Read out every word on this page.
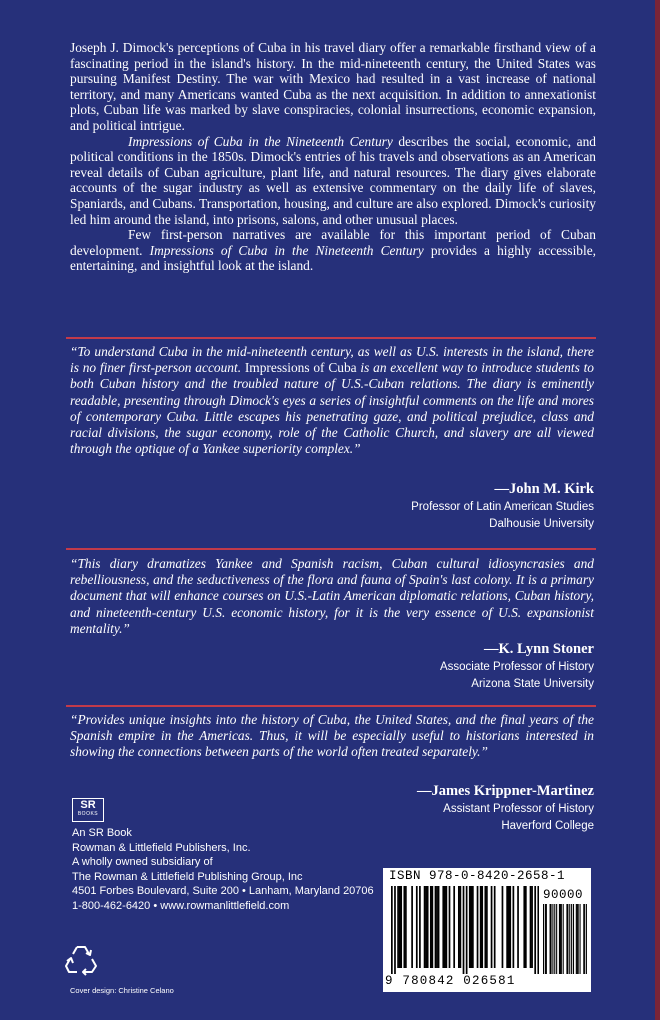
Joseph J. Dimock's perceptions of Cuba in his travel diary offer a remarkable firsthand view of a fascinating period in the island's history. In the mid-nineteenth century, the United States was pursuing Manifest Destiny. The war with Mexico had resulted in a vast increase of national territory, and many Americans wanted Cuba as the next acquisition. In addition to annexationist plots, Cuban life was marked by slave conspiracies, colonial insurrections, economic expansion, and political intrigue.

Impressions of Cuba in the Nineteenth Century describes the social, economic, and political conditions in the 1850s. Dimock's entries of his travels and observations as an American reveal details of Cuban agriculture, plant life, and natural resources. The diary gives elaborate accounts of the sugar industry as well as extensive commentary on the daily life of slaves, Spaniards, and Cubans. Transportation, housing, and culture are also explored. Dimock's curiosity led him around the island, into prisons, salons, and other unusual places.

Few first-person narratives are available for this important period of Cuban development. Impressions of Cuba in the Nineteenth Century provides a highly accessible, entertaining, and insightful look at the island.

“To understand Cuba in the mid-nineteenth century, as well as U.S. interests in the island, there is no finer first-person account. Impressions of Cuba is an excellent way to introduce students to both Cuban history and the troubled nature of U.S.-Cuban relations. The diary is eminently readable, presenting through Dimock's eyes a series of insightful comments on the life and mores of contemporary Cuba. Little escapes his penetrating gaze, and political prejudice, class and racial divisions, the sugar economy, role of the Catholic Church, and slavery are all viewed through the optique of a Yankee superiority complex.”
—John M. Kirk
Professor of Latin American Studies
Dalhousie University
“This diary dramatizes Yankee and Spanish racism, Cuban cultural idiosyncrasies and rebelliousness, and the seductiveness of the flora and fauna of Spain's last colony. It is a primary document that will enhance courses on U.S.-Latin American diplomatic relations, Cuban history, and nineteenth-century U.S. economic history, for it is the very essence of U.S. expansionist mentality.”
—K. Lynn Stoner
Associate Professor of History
Arizona State University
“Provides unique insights into the history of Cuba, the United States, and the final years of the Spanish empire in the Americas. Thus, it will be especially useful to historians interested in showing the connections between parts of the world often treated separately.”
—James Krippner-Martinez
Assistant Professor of History
Haverford College
SR
BOOKS
An SR Book
Rowman & Littlefield Publishers, Inc.
A wholly owned subsidiary of
The Rowman & Littlefield Publishing Group, Inc
4501 Forbes Boulevard, Suite 200 • Lanham, Maryland 20706
1-800-462-6420 • www.rowmanlittlefield.com
Cover design: Christine Celano
ISBN 978-0-8420-2658-1
90000
9 780842 026581
